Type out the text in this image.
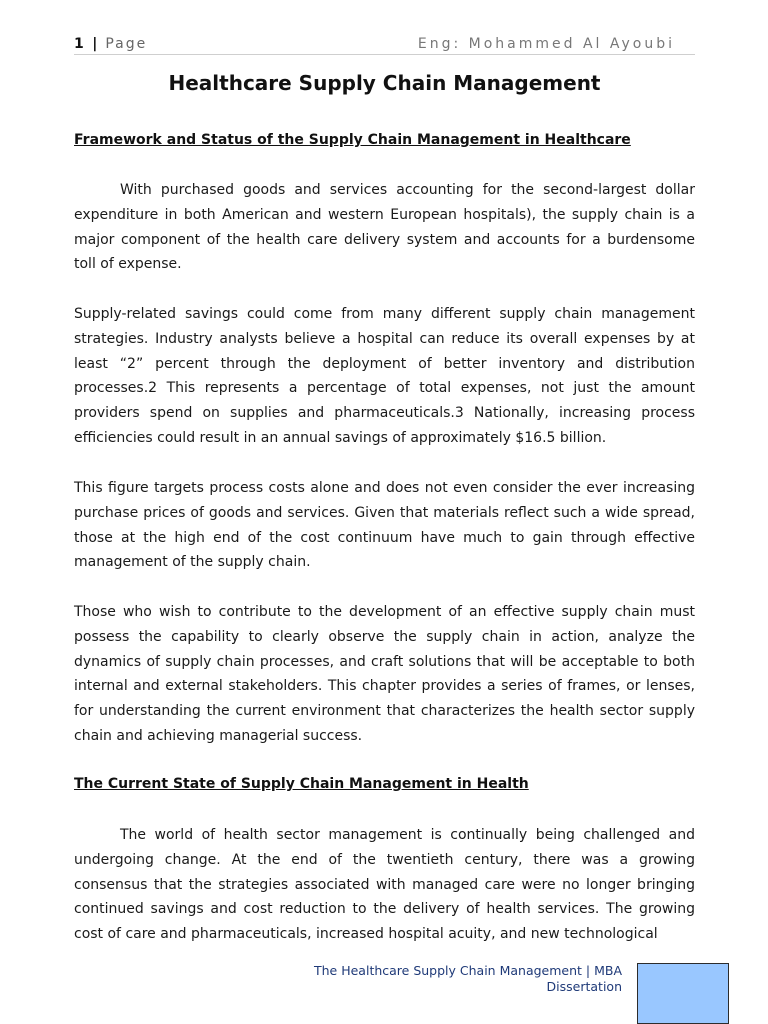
1 | Page	Eng: Mohammed Al Ayoubi
Healthcare Supply Chain Management
Framework and Status of the Supply Chain Management in Healthcare

With purchased goods and services accounting for the second-largest dollar expenditure in both American and western European hospitals), the supply chain is a major component of the health care delivery system and accounts for a burdensome toll of expense.

Supply-related savings could come from many different supply chain management strategies. Industry analysts believe a hospital can reduce its overall expenses by at least “2” percent through the deployment of better inventory and distribution processes.2 This represents a percentage of total expenses, not just the amount providers spend on supplies and pharmaceuticals.3 Nationally, increasing process efficiencies could result in an annual savings of approximately $16.5 billion.

This figure targets process costs alone and does not even consider the ever increasing purchase prices of goods and services. Given that materials reflect such a wide spread, those at the high end of the cost continuum have much to gain through effective management of the supply chain.

Those who wish to contribute to the development of an effective supply chain must possess the capability to clearly observe the supply chain in action, analyze the dynamics of supply chain processes, and craft solutions that will be acceptable to both internal and external stakeholders. This chapter provides a series of frames, or lenses, for understanding the current environment that characterizes the health sector supply chain and achieving managerial success.

The Current State of Supply Chain Management in Health

The world of health sector management is continually being challenged and undergoing change. At the end of the twentieth century, there was a growing consensus that the strategies associated with managed care were no longer bringing continued savings and cost reduction to the delivery of health services. The growing cost of care and pharmaceuticals, increased hospital acuity, and new technological

The Healthcare Supply Chain Management | MBA Dissertation
